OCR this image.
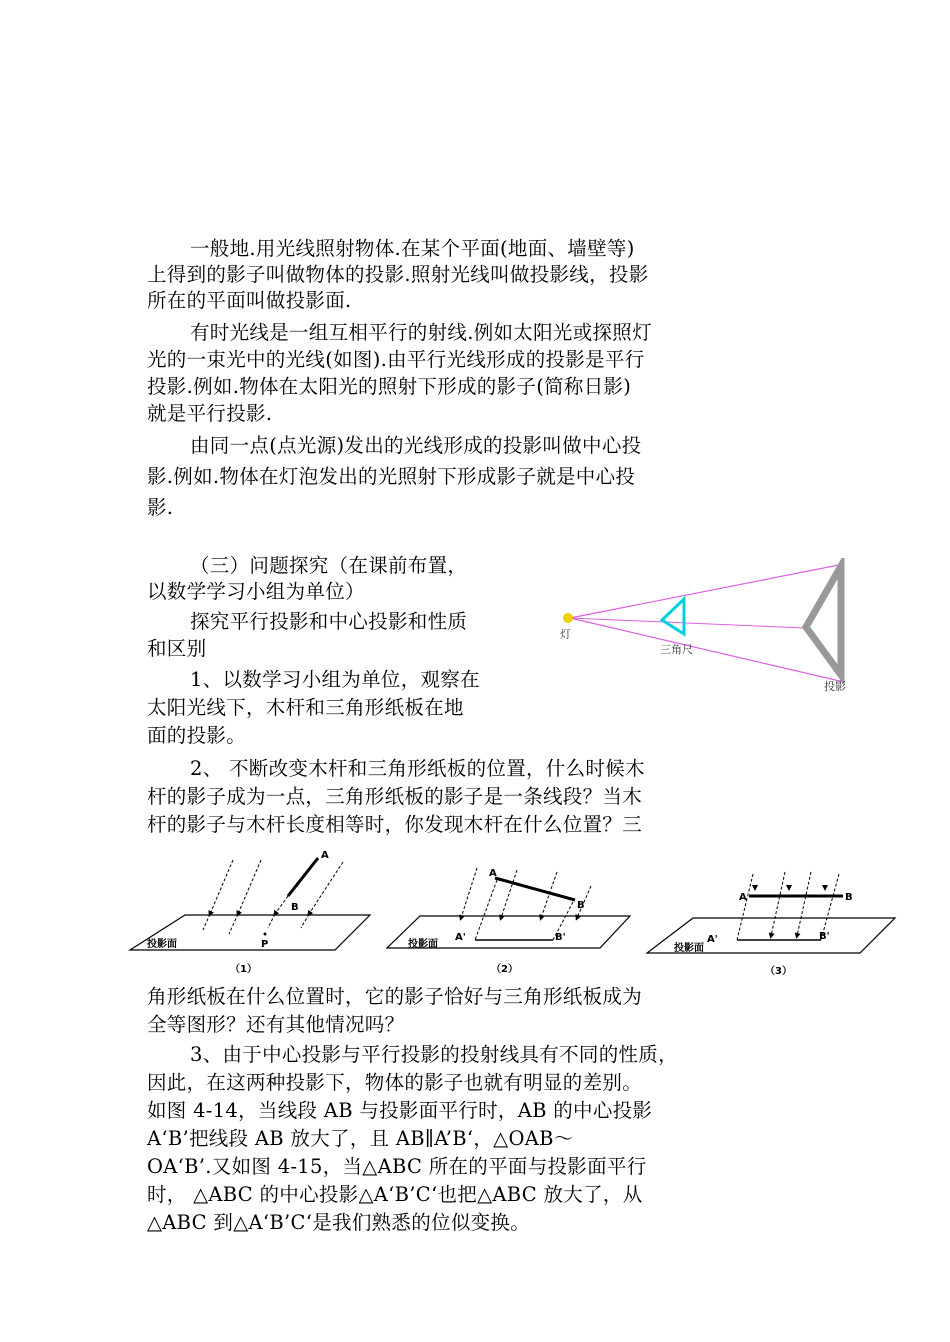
一般地.用光线照射物体.在某个平面(地面、墙壁等)
上得到的影子叫做物体的投影.照射光线叫做投影线，投影
所在的平面叫做投影面.
有时光线是一组互相平行的射线.例如太阳光或探照灯
光的一束光中的光线(如图).由平行光线形成的投影是平行
投影.例如.物体在太阳光的照射下形成的影子(简称日影)
就是平行投影.
由同一点(点光源)发出的光线形成的投影叫做中心投
影.例如.物体在灯泡发出的光照射下形成影子就是中心投
影.
（三）问题探究（在课前布置，
以数学学习小组为单位）
探究平行投影和中心投影和性质
和区别
1、以数学习小组为单位，观察在
太阳光线下，木杆和三角形纸板在地
面的投影。
2、 不断改变木杆和三角形纸板的位置，什么时候木
杆的影子成为一点，三角形纸板的影子是一条线段？当木
杆的影子与木杆长度相等时，你发现木杆在什么位置？三
角形纸板在什么位置时，它的影子恰好与三角形纸板成为
全等图形？还有其他情况吗？
3、由于中心投影与平行投影的投射线具有不同的性质，
因此，在这两种投影下，物体的影子也就有明显的差别。
如图 4-14，当线段 AB 与投影面平行时，AB 的中心投影
A‘B’把线段 AB 放大了，且 AB∥A’B‘，△OAB～
OA‘B’.又如图 4-15，当△ABC 所在的平面与投影面平行
时， △ABC 的中心投影△A‘B’C‘也把△ABC 放大了，从
△ABC 到△A‘B’C‘是我们熟悉的位似变换。
灯
三角尺
投影
A
B
P
投影面
（1）
A
B
A'	B'
投影面
（2）
A	B
A'	B'
投影面
（3）
